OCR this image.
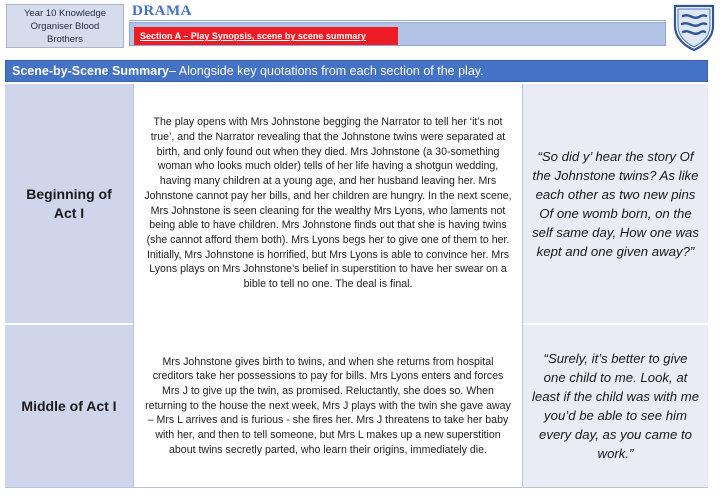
Year 10 Knowledge Organiser Blood Brothers
DRAMA
Section A – Play Synopsis, scene by scene summary
Scene-by-Scene Summary – Alongside key quotations from each section of the play.
Beginning of Act I
The play opens with Mrs Johnstone begging the Narrator to tell her ‘it’s not true’, and the Narrator revealing that the Johnstone twins were separated at birth, and only found out when they died. Mrs Johnstone (a 30-something woman who looks much older) tells of her life having a shotgun wedding, having many children at a young age, and her husband leaving her. Mrs Johnstone cannot pay her bills, and her children are hungry. In the next scene, Mrs Johnstone is seen cleaning for the wealthy Mrs Lyons, who laments not being able to have children. Mrs Johnstone finds out that she is having twins (she cannot afford them both). Mrs Lyons begs her to give one of them to her. Initially, Mrs Johnstone is horrified, but Mrs Lyons is able to convince her. Mrs Lyons plays on Mrs Johnstone’s belief in superstition to have her swear on a bible to tell no one. The deal is final.
“So did y’ hear the story Of the Johnstone twins? As like each other as two new pins Of one womb born, on the self same day, How one was kept and one given away?”
Middle of Act I
Mrs Johnstone gives birth to twins, and when she returns from hospital creditors take her possessions to pay for bills. Mrs Lyons enters and forces Mrs J to give up the twin, as promised. Reluctantly, she does so. When returning to the house the next week, Mrs J plays with the twin she gave away – Mrs L arrives and is furious - she fires her. Mrs J threatens to take her baby with her, and then to tell someone, but Mrs L makes up a new superstition about twins secretly parted, who learn their origins, immediately die.
“Surely, it’s better to give one child to me. Look, at least if the child was with me you’d be able to see him every day, as you came to work.”
